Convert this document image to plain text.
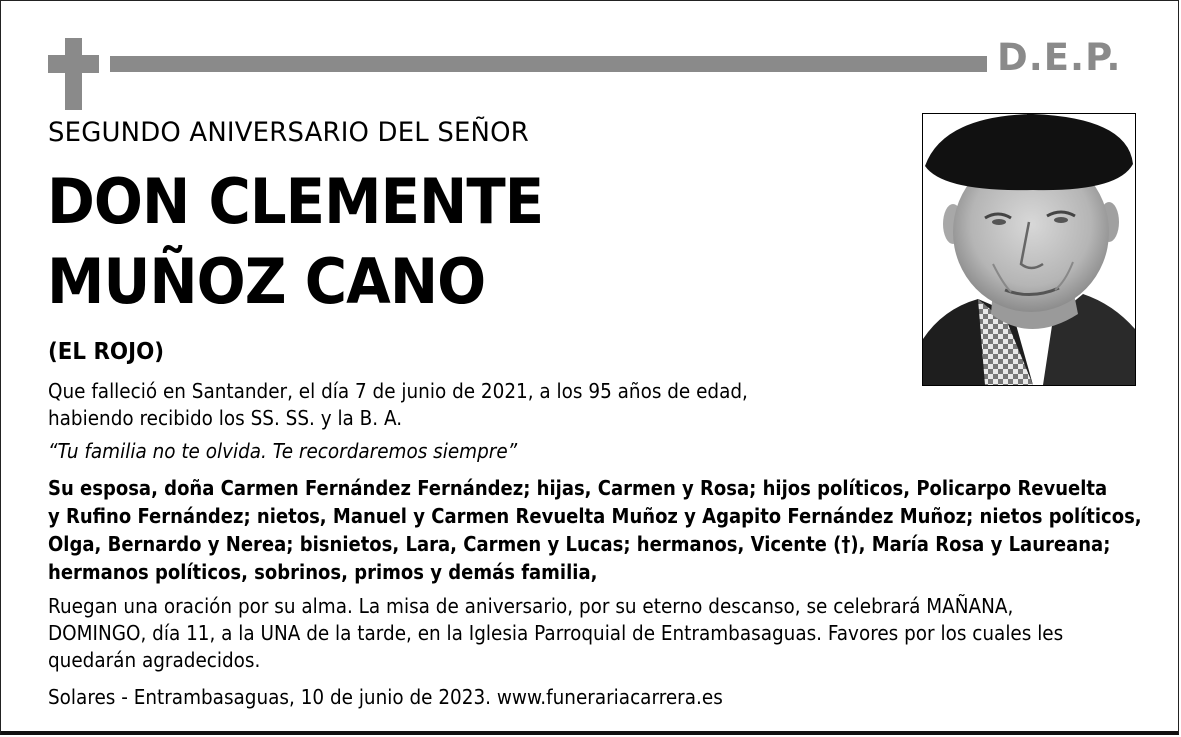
D.E.P.
SEGUNDO ANIVERSARIO DEL SEÑOR
DON CLEMENTE
MUÑOZ CANO
(EL ROJO)
Que falleció en Santander, el día 7 de junio de 2021, a los 95 años de edad,
habiendo recibido los SS. SS. y la B. A.
“Tu familia no te olvida. Te recordaremos siempre”
Su esposa, doña Carmen Fernández Fernández; hijas, Carmen y Rosa; hijos políticos, Policarpo Revuelta
y Rufino Fernández; nietos, Manuel y Carmen Revuelta Muñoz y Agapito Fernández Muñoz; nietos políticos,
Olga, Bernardo y Nerea; bisnietos, Lara, Carmen y Lucas; hermanos, Vicente (†), María Rosa y Laureana;
hermanos políticos, sobrinos, primos y demás familia,
Ruegan una oración por su alma. La misa de aniversario, por su eterno descanso, se celebrará MAÑANA,
DOMINGO, día 11, a la UNA de la tarde, en la Iglesia Parroquial de Entrambasaguas. Favores por los cuales les
quedarán agradecidos.
Solares - Entrambasaguas, 10 de junio de 2023. www.funerariacarrera.es
